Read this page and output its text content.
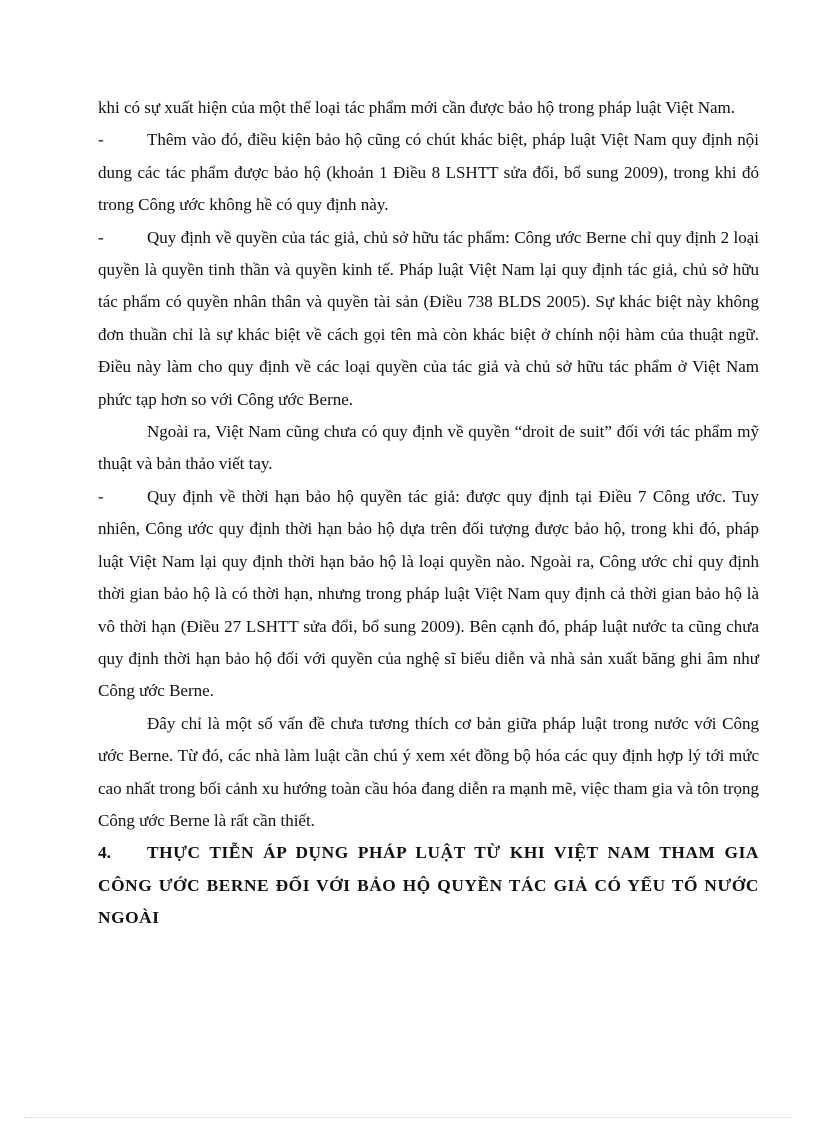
khi có sự xuất hiện của một thể loại tác phẩm mới cần được bảo hộ trong pháp luật Việt Nam.

-	Thêm vào đó, điều kiện bảo hộ cũng có chút khác biệt, pháp luật Việt Nam quy định nội dung các tác phẩm được bảo hộ (khoản 1 Điều 8 LSHTT sửa đổi, bổ sung 2009), trong khi đó trong Công ước không hề có quy định này.

-	Quy định về quyền của tác giả, chủ sở hữu tác phẩm: Công ước Berne chỉ quy định 2 loại quyền là quyền tinh thần và quyền kinh tế. Pháp luật Việt Nam lại quy định tác giả, chủ sở hữu tác phẩm có quyền nhân thân và quyền tài sản (Điều 738 BLDS 2005). Sự khác biệt này không đơn thuần chỉ là sự khác biệt về cách gọi tên mà còn khác biệt ở chính nội hàm của thuật ngữ. Điều này làm cho quy định về các loại quyền của tác giả và chủ sở hữu tác phẩm ở Việt Nam phức tạp hơn so với Công ước Berne.

Ngoài ra, Việt Nam cũng chưa có quy định về quyền “droit de suit” đối với tác phẩm mỹ thuật và bản thảo viết tay.

-	Quy định về thời hạn bảo hộ quyền tác giả: được quy định tại Điều 7 Công ước. Tuy nhiên, Công ước quy định thời hạn bảo hộ dựa trên đối tượng được bảo hộ, trong khi đó, pháp luật Việt Nam lại quy định thời hạn bảo hộ là loại quyền nào. Ngoài ra, Công ước chỉ quy định thời gian bảo hộ là có thời hạn, nhưng trong pháp luật Việt Nam quy định cả thời gian bảo hộ là vô thời hạn (Điều 27 LSHTT sửa đổi, bổ sung 2009). Bên cạnh đó, pháp luật nước ta cũng chưa quy định thời hạn bảo hộ đối với quyền của nghệ sĩ biểu diễn và nhà sản xuất băng ghi âm như Công ước Berne.

Đây chỉ là một số vấn đề chưa tương thích cơ bản giữa pháp luật trong nước với Công ước Berne. Từ đó, các nhà làm luật cần chú ý xem xét đồng bộ hóa các quy định hợp lý tới mức cao nhất trong bối cảnh xu hướng toàn cầu hóa đang diễn ra mạnh mẽ, việc tham gia và tôn trọng Công ước Berne là rất cần thiết.

4. THỰC TIỄN ÁP DỤNG PHÁP LUẬT TỪ KHI VIỆT NAM THAM GIA CÔNG ƯỚC BERNE ĐỐI VỚI BẢO HỘ QUYỀN TÁC GIẢ CÓ YẾU TỐ NƯỚC NGOÀI
